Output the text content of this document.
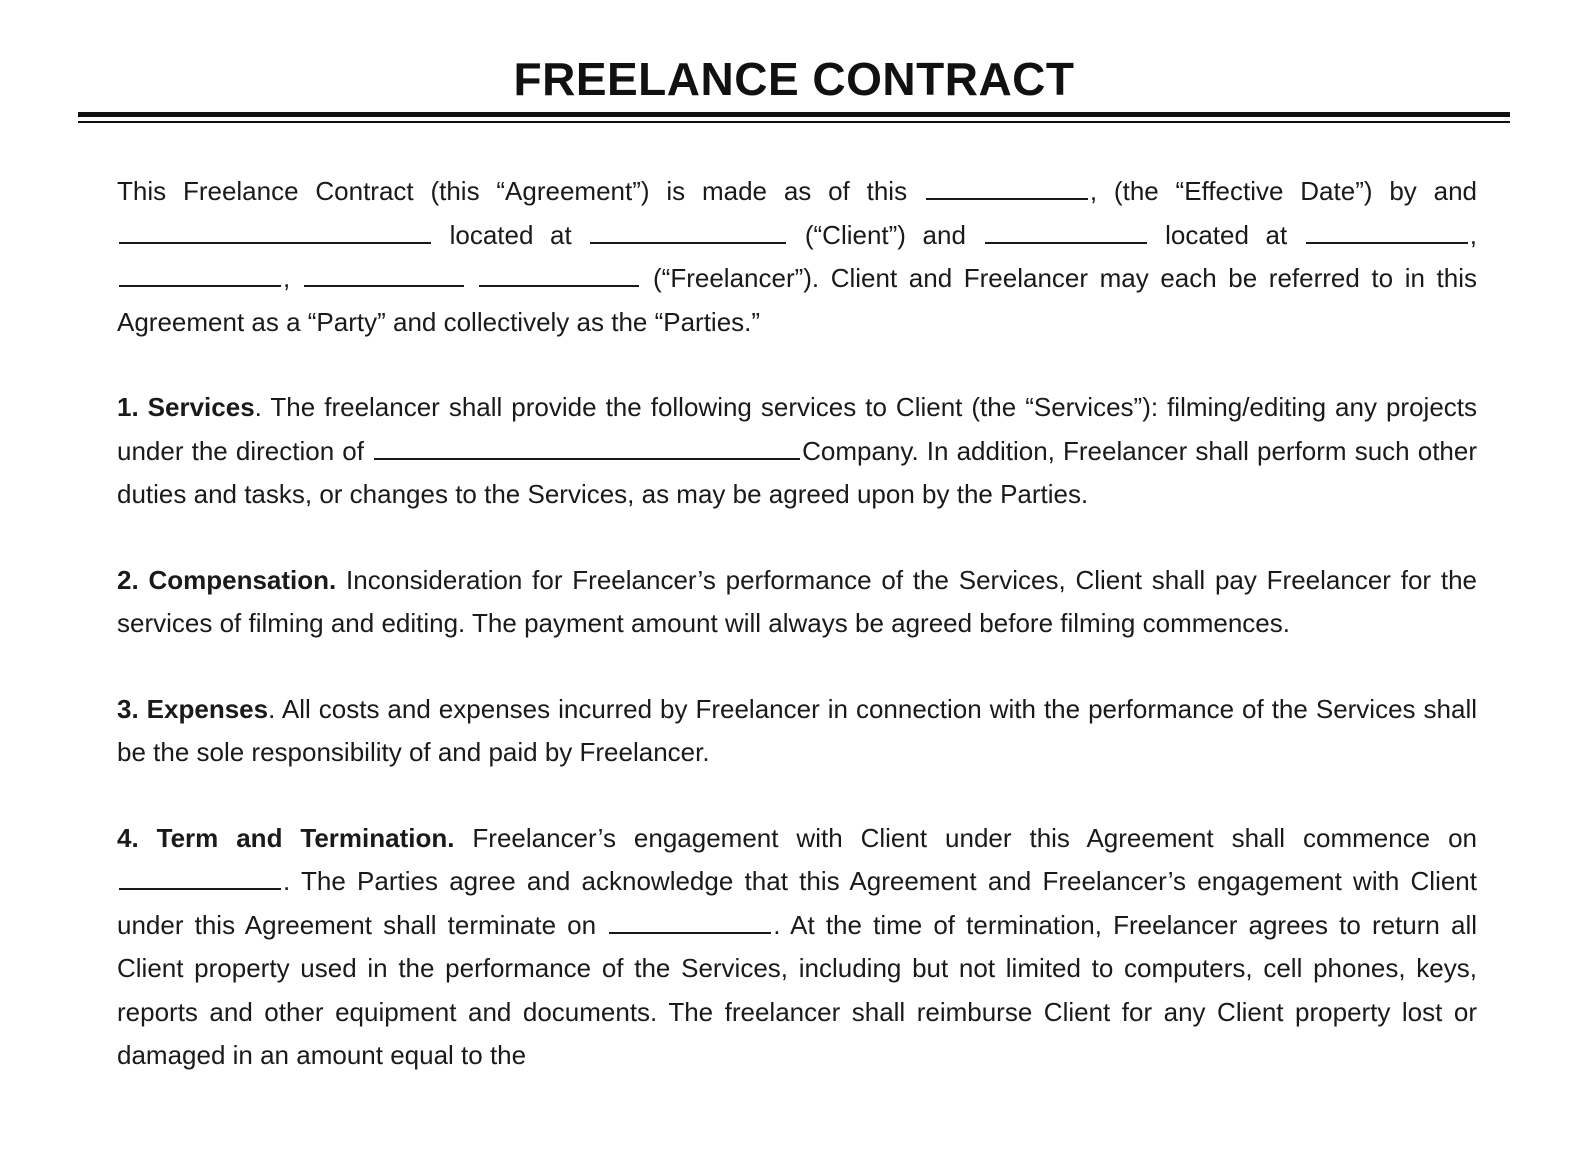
FREELANCE CONTRACT

This Freelance Contract (this “Agreement”) is made as of this	, (the “Effective Date”) by and  located at	(“Client”) and	located at	, ,	(“Freelancer”). Client and Freelancer may each be referred to in this Agreement as a “Party” and collectively as the “Parties.”

1. Services. The freelancer shall provide the following services to Client (the “Services”): filming/editing any projects under the direction of	Company. In addition, Freelancer shall perform such other duties and tasks, or changes to the Services, as may be agreed upon by the Parties.

2. Compensation. Inconsideration for Freelancer’s performance of the Services, Client shall pay Freelancer for the services of filming and editing. The payment amount will always be agreed before filming commences.

3. Expenses. All costs and expenses incurred by Freelancer in connection with the performance of the Services shall be the sole responsibility of and paid by Freelancer.

4. Term and Termination. Freelancer’s engagement with Client under this Agreement shall commence on . The Parties agree and acknowledge that this Agreement and Freelancer’s engagement with Client under this Agreement shall terminate on	. At the time of termination, Freelancer agrees to return all Client property used in the performance of the Services, including but not limited to computers, cell phones, keys, reports and other equipment and documents. The freelancer shall reimburse Client for any Client property lost or damaged in an amount equal to the
